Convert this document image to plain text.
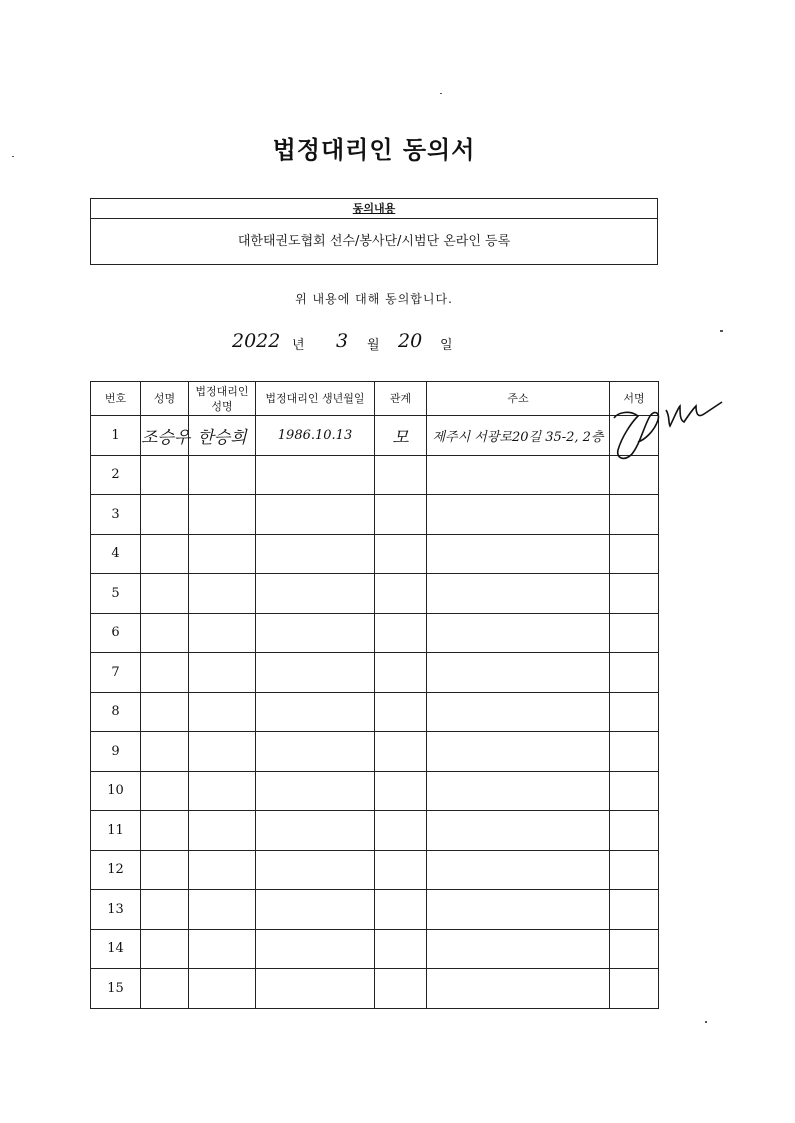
법정대리인 동의서
동의내용
대한태권도협회 선수/봉사단/시범단 온라인 등록
위 내용에 대해 동의합니다.
2022 년 3 월 20 일
번호	성명	법정대리인 성명	법정대리인 생년월일	관계	주소	서명
1	조승우	한승희	1986.10.13	모	제주시 서광로20길 35-2, 2층	
2						
3						
4						
5						
6						
7						
8						
9						
10						
11						
12						
13						
14						
15						
